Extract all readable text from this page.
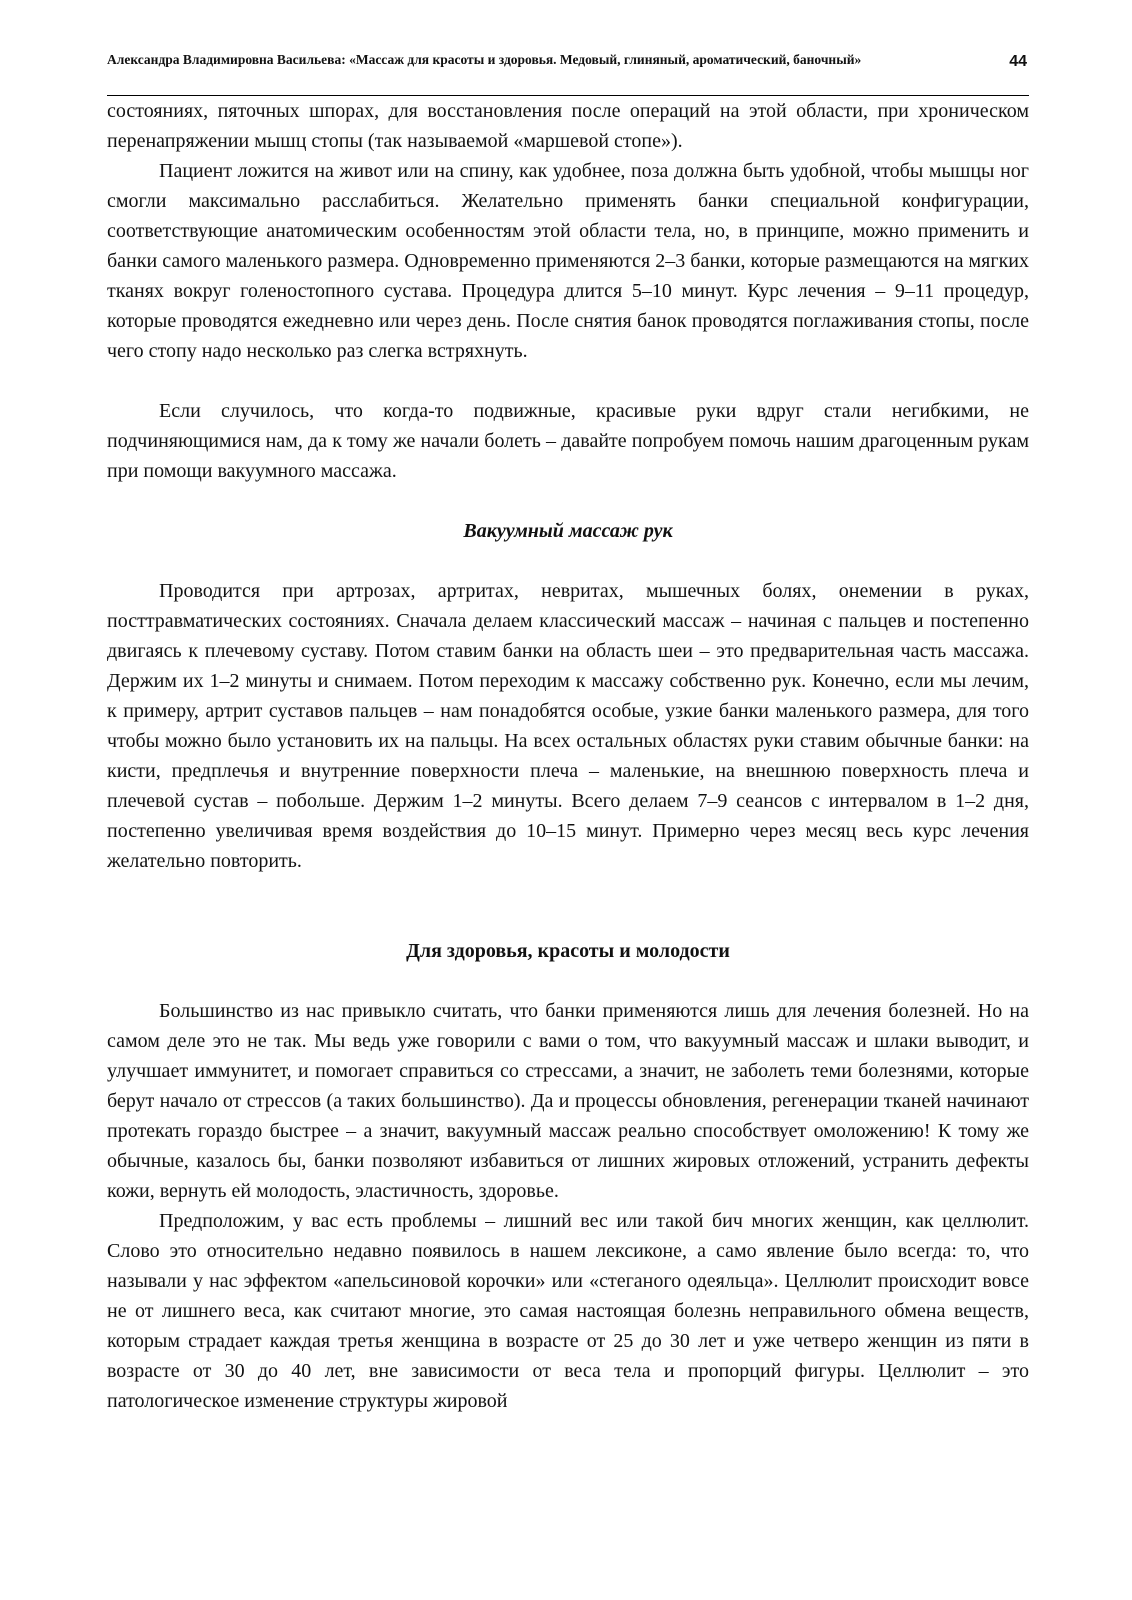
Александра Владимировна Васильева: «Массаж для красоты и здоровья. Медовый, глиняный, ароматический, баночный»	44

состояниях, пяточных шпорах, для восстановления после операций на этой области, при хроническом перенапряжении мышц стопы (так называемой «маршевой стопе»).

Пациент ложится на живот или на спину, как удобнее, поза должна быть удобной, чтобы мышцы ног смогли максимально расслабиться. Желательно применять банки специальной конфигурации, соответствующие анатомическим особенностям этой области тела, но, в принципе, можно применить и банки самого маленького размера. Одновременно применяются 2–3 банки, которые размещаются на мягких тканях вокруг голеностопного сустава. Процедура длится 5–10 минут. Курс лечения – 9–11 процедур, которые проводятся ежедневно или через день. После снятия банок проводятся поглаживания стопы, после чего стопу надо несколько раз слегка встряхнуть.

Если случилось, что когда-то подвижные, красивые руки вдруг стали негибкими, не подчиняющимися нам, да к тому же начали болеть – давайте попробуем помочь нашим драгоценным рукам при помощи вакуумного массажа.

Вакуумный массаж рук

Проводится при артрозах, артритах, невритах, мышечных болях, онемении в руках, посттравматических состояниях. Сначала делаем классический массаж – начиная с пальцев и постепенно двигаясь к плечевому суставу. Потом ставим банки на область шеи – это предварительная часть массажа. Держим их 1–2 минуты и снимаем. Потом переходим к массажу собственно рук. Конечно, если мы лечим, к примеру, артрит суставов пальцев – нам понадобятся особые, узкие банки маленького размера, для того чтобы можно было установить их на пальцы. На всех остальных областях руки ставим обычные банки: на кисти, предплечья и внутренние поверхности плеча – маленькие, на внешнюю поверхность плеча и плечевой сустав – побольше. Держим 1–2 минуты. Всего делаем 7–9 сеансов с интервалом в 1–2 дня, постепенно увеличивая время воздействия до 10–15 минут. Примерно через месяц весь курс лечения желательно повторить.

Для здоровья, красоты и молодости

Большинство из нас привыкло считать, что банки применяются лишь для лечения болезней. Но на самом деле это не так. Мы ведь уже говорили с вами о том, что вакуумный массаж и шлаки выводит, и улучшает иммунитет, и помогает справиться со стрессами, а значит, не заболеть теми болезнями, которые берут начало от стрессов (а таких большинство). Да и процессы обновления, регенерации тканей начинают протекать гораздо быстрее – а значит, вакуумный массаж реально способствует омоложению! К тому же обычные, казалось бы, банки позволяют избавиться от лишних жировых отложений, устранить дефекты кожи, вернуть ей молодость, эластичность, здоровье.

Предположим, у вас есть проблемы – лишний вес или такой бич многих женщин, как целлюлит. Слово это относительно недавно появилось в нашем лексиконе, а само явление было всегда: то, что называли у нас эффектом «апельсиновой корочки» или «стеганого одеяльца». Целлюлит происходит вовсе не от лишнего веса, как считают многие, это самая настоящая болезнь неправильного обмена веществ, которым страдает каждая третья женщина в возрасте от 25 до 30 лет и уже четверо женщин из пяти в возрасте от 30 до 40 лет, вне зависимости от веса тела и пропорций фигуры. Целлюлит – это патологическое изменение структуры жировой
